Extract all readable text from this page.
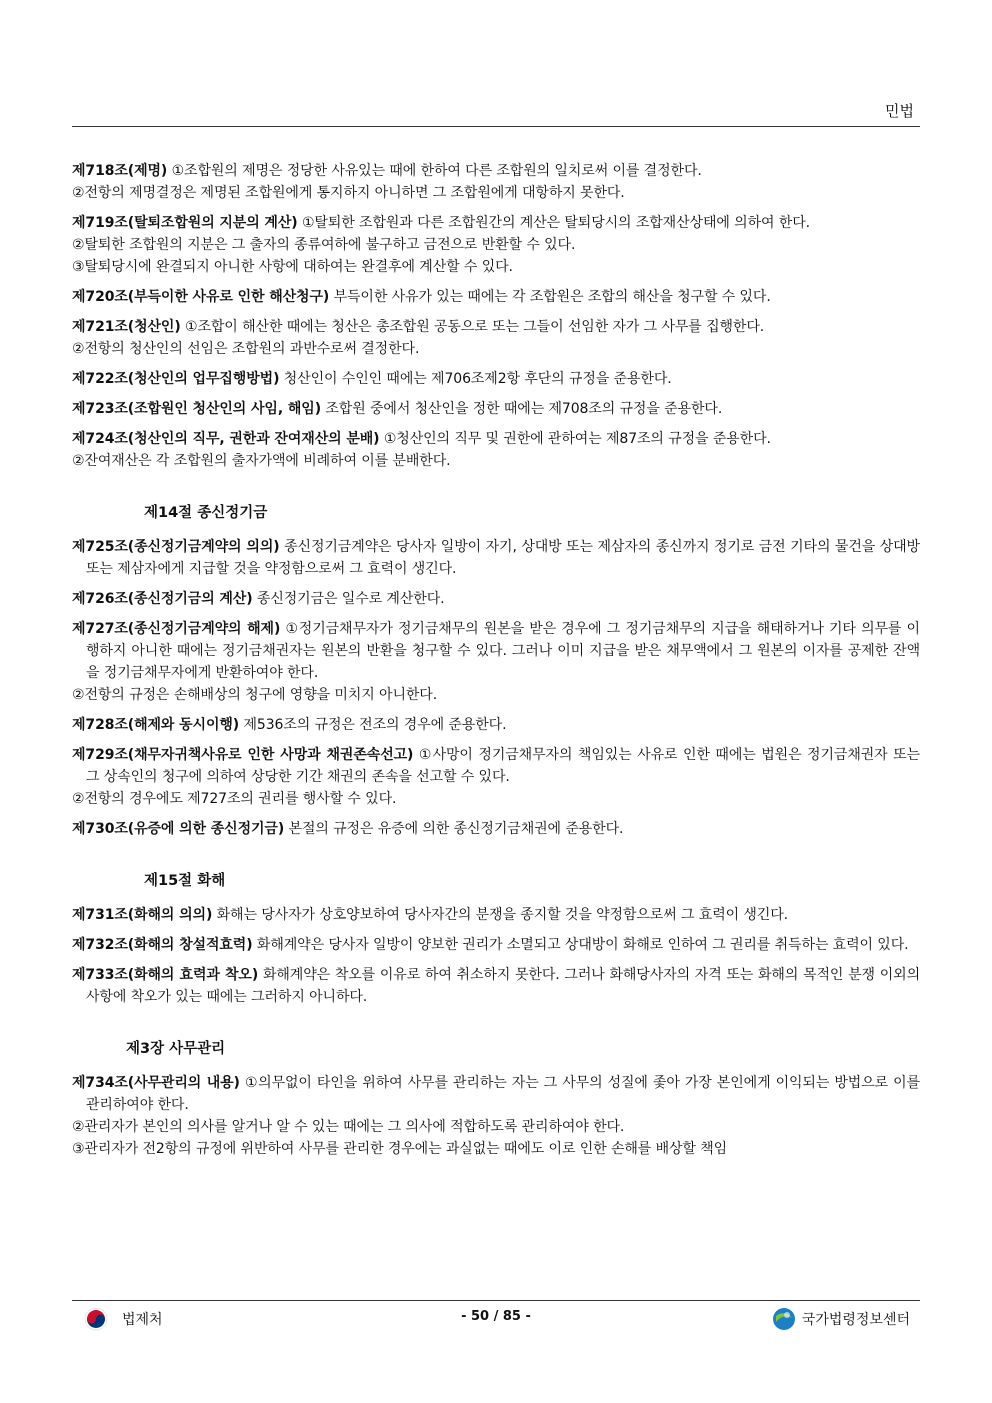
민법

제718조(제명) ①조합원의 제명은 정당한 사유있는 때에 한하여 다른 조합원의 일치로써 이를 결정한다.
②전항의 제명결정은 제명된 조합원에게 통지하지 아니하면 그 조합원에게 대항하지 못한다.

제719조(탈퇴조합원의 지분의 계산) ①탈퇴한 조합원과 다른 조합원간의 계산은 탈퇴당시의 조합재산상태에 의하여 한다.
②탈퇴한 조합원의 지분은 그 출자의 종류여하에 불구하고 금전으로 반환할 수 있다.
③탈퇴당시에 완결되지 아니한 사항에 대하여는 완결후에 계산할 수 있다.

제720조(부득이한 사유로 인한 해산청구) 부득이한 사유가 있는 때에는 각 조합원은 조합의 해산을 청구할 수 있다.

제721조(청산인) ①조합이 해산한 때에는 청산은 총조합원 공동으로 또는 그들이 선임한 자가 그 사무를 집행한다.
②전항의 청산인의 선임은 조합원의 과반수로써 결정한다.

제722조(청산인의 업무집행방법) 청산인이 수인인 때에는 제706조제2항 후단의 규정을 준용한다.

제723조(조합원인 청산인의 사임, 해임) 조합원 중에서 청산인을 정한 때에는 제708조의 규정을 준용한다.

제724조(청산인의 직무, 권한과 잔여재산의 분배) ①청산인의 직무 및 권한에 관하여는 제87조의 규정을 준용한다.
②잔여재산은 각 조합원의 출자가액에 비례하여 이를 분배한다.

제14절 종신정기금

제725조(종신정기금계약의 의의) 종신정기금계약은 당사자 일방이 자기, 상대방 또는 제삼자의 종신까지 정기로 금전 기타의 물건을 상대방 또는 제삼자에게 지급할 것을 약정함으로써 그 효력이 생긴다.

제726조(종신정기금의 계산) 종신정기금은 일수로 계산한다.

제727조(종신정기금계약의 해제) ①정기금채무자가 정기금채무의 원본을 받은 경우에 그 정기금채무의 지급을 해태하거나 기타 의무를 이행하지 아니한 때에는 정기금채권자는 원본의 반환을 청구할 수 있다. 그러나 이미 지급을 받은 채무액에서 그 원본의 이자를 공제한 잔액을 정기금채무자에게 반환하여야 한다.
②전항의 규정은 손해배상의 청구에 영향을 미치지 아니한다.

제728조(해제와 동시이행) 제536조의 규정은 전조의 경우에 준용한다.

제729조(채무자귀책사유로 인한 사망과 채권존속선고) ①사망이 정기금채무자의 책임있는 사유로 인한 때에는 법원은 정기금채권자 또는 그 상속인의 청구에 의하여 상당한 기간 채권의 존속을 선고할 수 있다.
②전항의 경우에도 제727조의 권리를 행사할 수 있다.

제730조(유증에 의한 종신정기금) 본절의 규정은 유증에 의한 종신정기금채권에 준용한다.

제15절 화해

제731조(화해의 의의) 화해는 당사자가 상호양보하여 당사자간의 분쟁을 종지할 것을 약정함으로써 그 효력이 생긴다.

제732조(화해의 창설적효력) 화해계약은 당사자 일방이 양보한 권리가 소멸되고 상대방이 화해로 인하여 그 권리를 취득하는 효력이 있다.

제733조(화해의 효력과 착오) 화해계약은 착오를 이유로 하여 취소하지 못한다. 그러나 화해당사자의 자격 또는 화해의 목적인 분쟁 이외의 사항에 착오가 있는 때에는 그러하지 아니하다.

제3장 사무관리

제734조(사무관리의 내용) ①의무없이 타인을 위하여 사무를 관리하는 자는 그 사무의 성질에 좇아 가장 본인에게 이익되는 방법으로 이를 관리하여야 한다.
②관리자가 본인의 의사를 알거나 알 수 있는 때에는 그 의사에 적합하도록 관리하여야 한다.
③관리자가 전2항의 규정에 위반하여 사무를 관리한 경우에는 과실없는 때에도 이로 인한 손해를 배상할 책임

법제처	- 50 / 85 -	국가법령정보센터
